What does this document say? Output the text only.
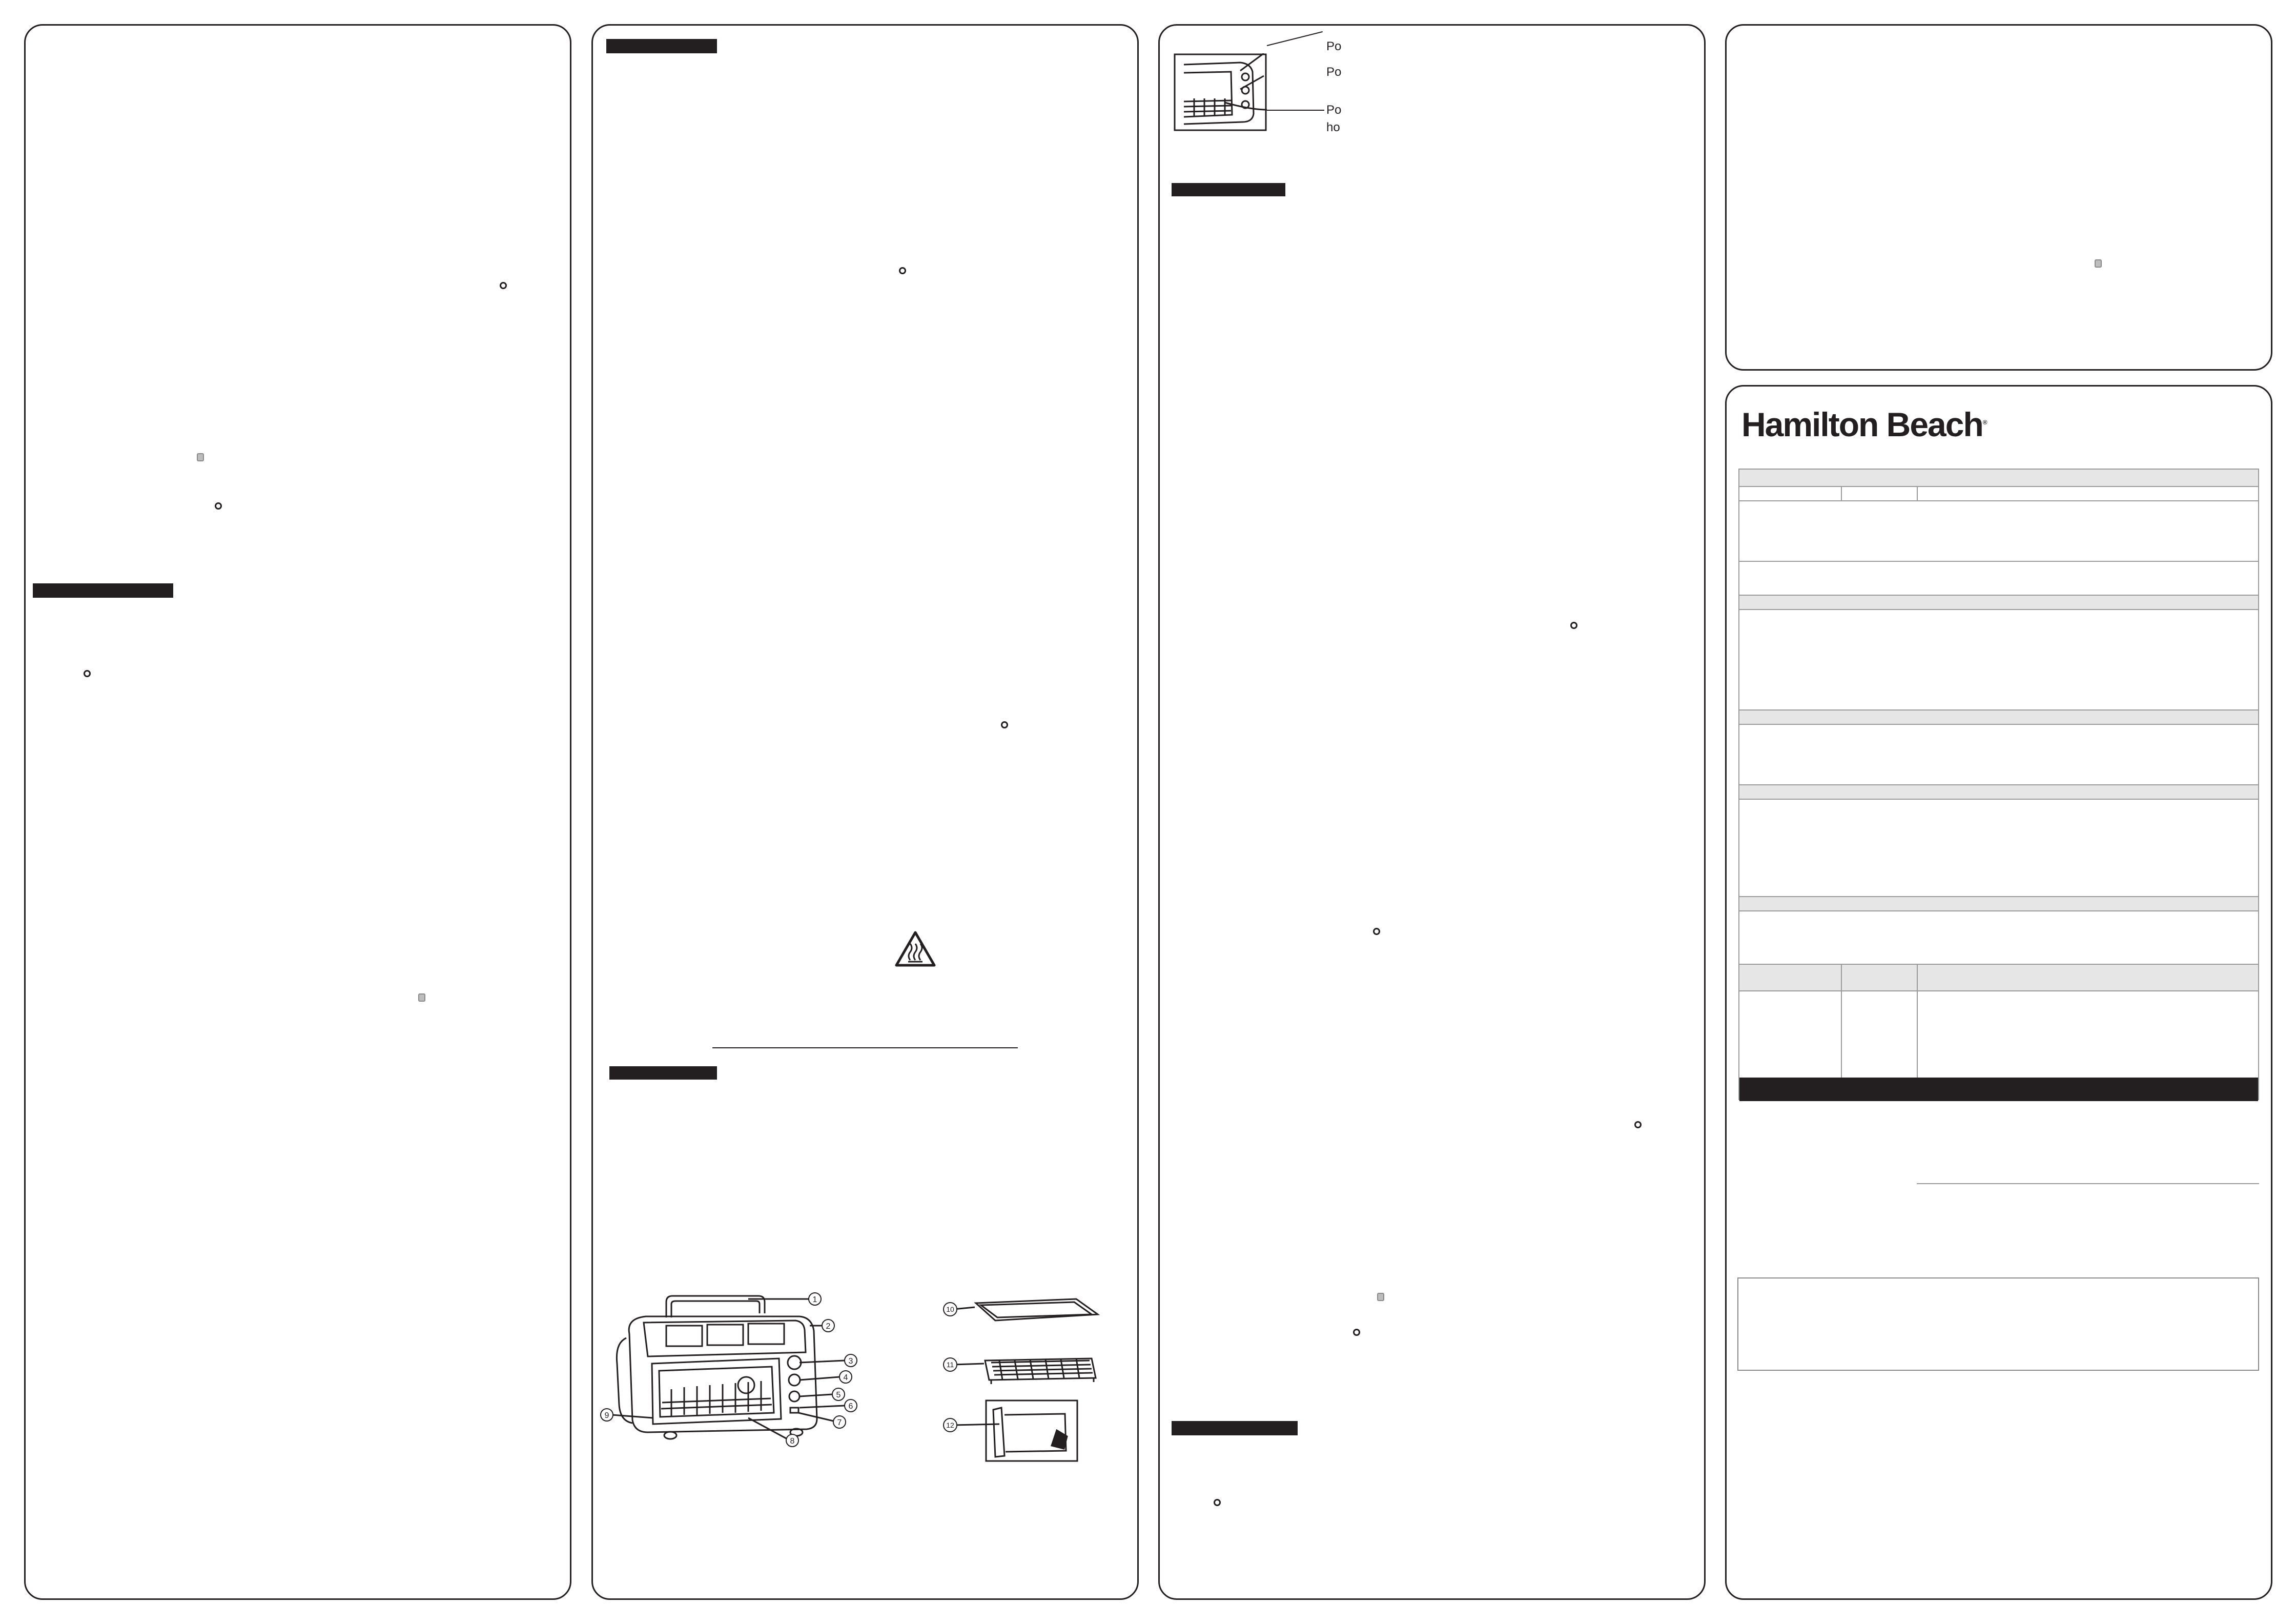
1
2
3
4
5
6
7
8
9
10
11
12
Po
Po
Po
ho
Hamilton Beach®
